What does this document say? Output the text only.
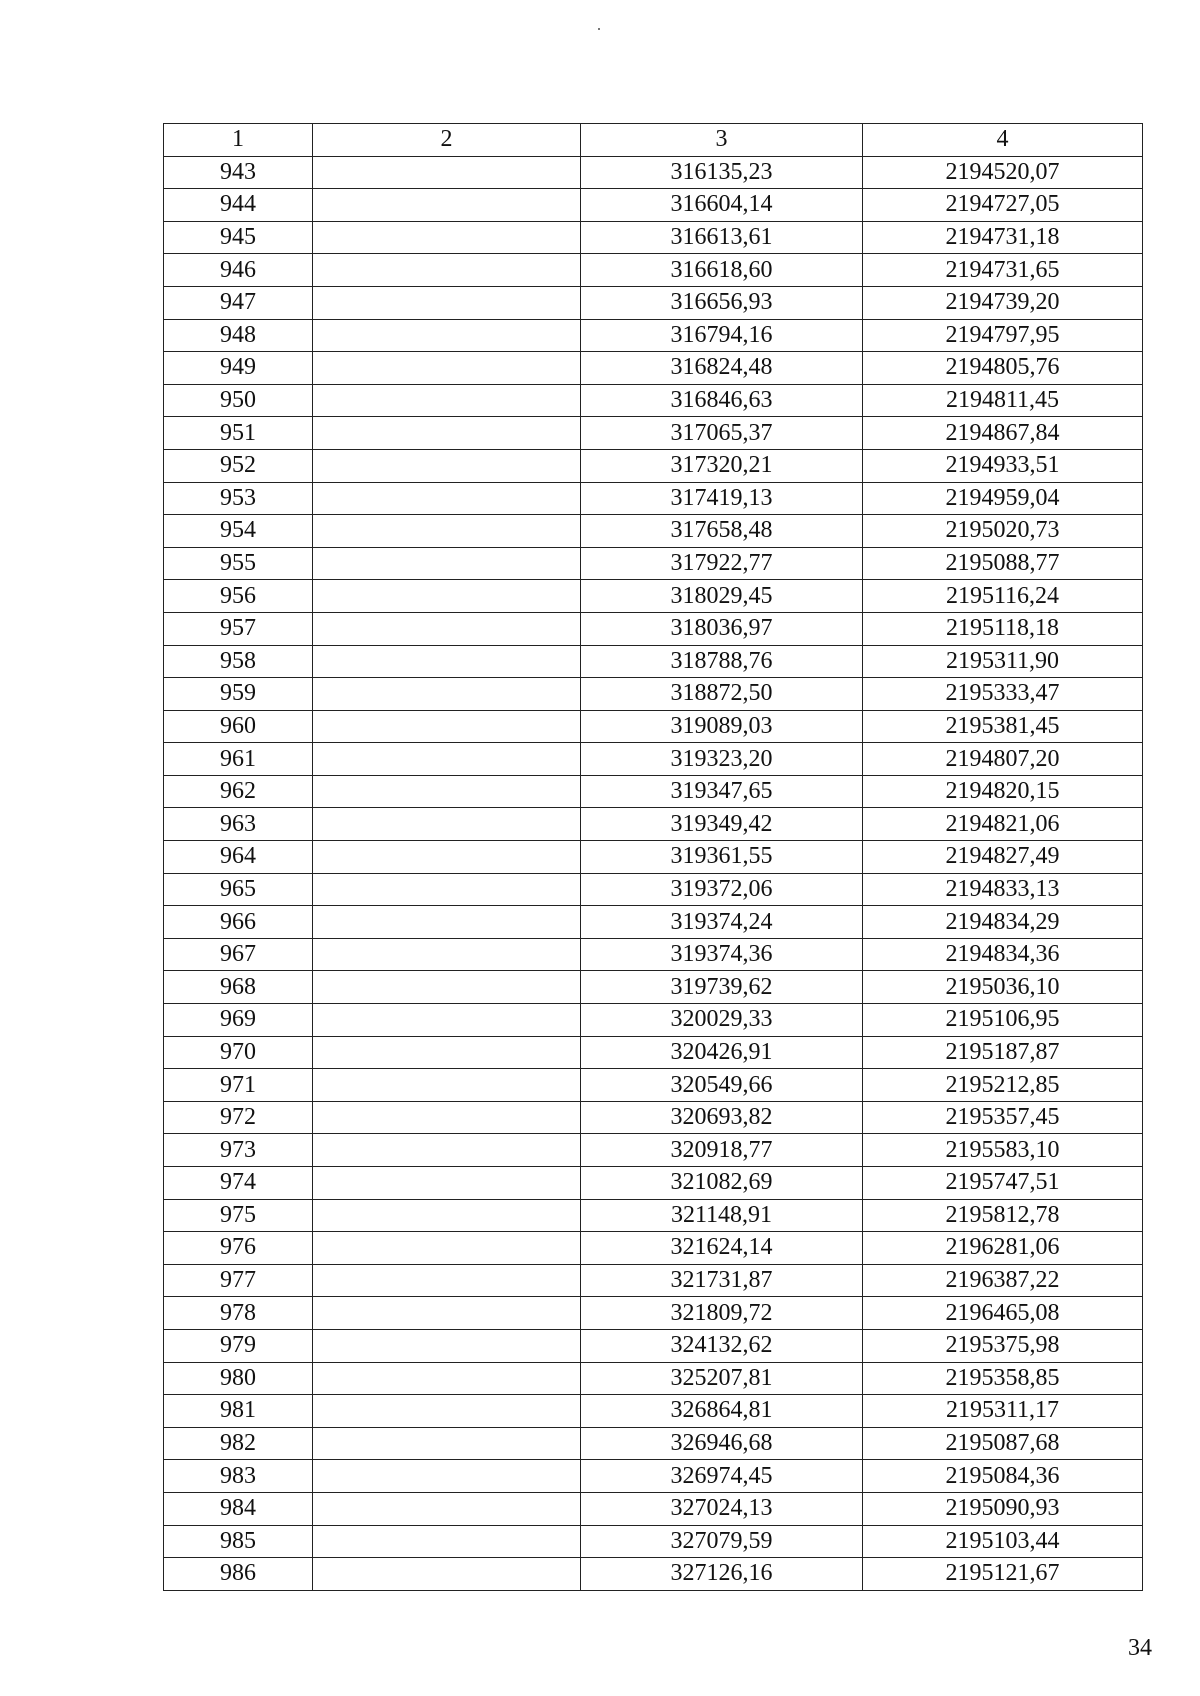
1	2	3	4
943		316135,23	2194520,07
944		316604,14	2194727,05
945		316613,61	2194731,18
946		316618,60	2194731,65
947		316656,93	2194739,20
948		316794,16	2194797,95
949		316824,48	2194805,76
950		316846,63	2194811,45
951		317065,37	2194867,84
952		317320,21	2194933,51
953		317419,13	2194959,04
954		317658,48	2195020,73
955		317922,77	2195088,77
956		318029,45	2195116,24
957		318036,97	2195118,18
958		318788,76	2195311,90
959		318872,50	2195333,47
960		319089,03	2195381,45
961		319323,20	2194807,20
962		319347,65	2194820,15
963		319349,42	2194821,06
964		319361,55	2194827,49
965		319372,06	2194833,13
966		319374,24	2194834,29
967		319374,36	2194834,36
968		319739,62	2195036,10
969		320029,33	2195106,95
970		320426,91	2195187,87
971		320549,66	2195212,85
972		320693,82	2195357,45
973		320918,77	2195583,10
974		321082,69	2195747,51
975		321148,91	2195812,78
976		321624,14	2196281,06
977		321731,87	2196387,22
978		321809,72	2196465,08
979		324132,62	2195375,98
980		325207,81	2195358,85
981		326864,81	2195311,17
982		326946,68	2195087,68
983		326974,45	2195084,36
984		327024,13	2195090,93
985		327079,59	2195103,44
986		327126,16	2195121,67
34
